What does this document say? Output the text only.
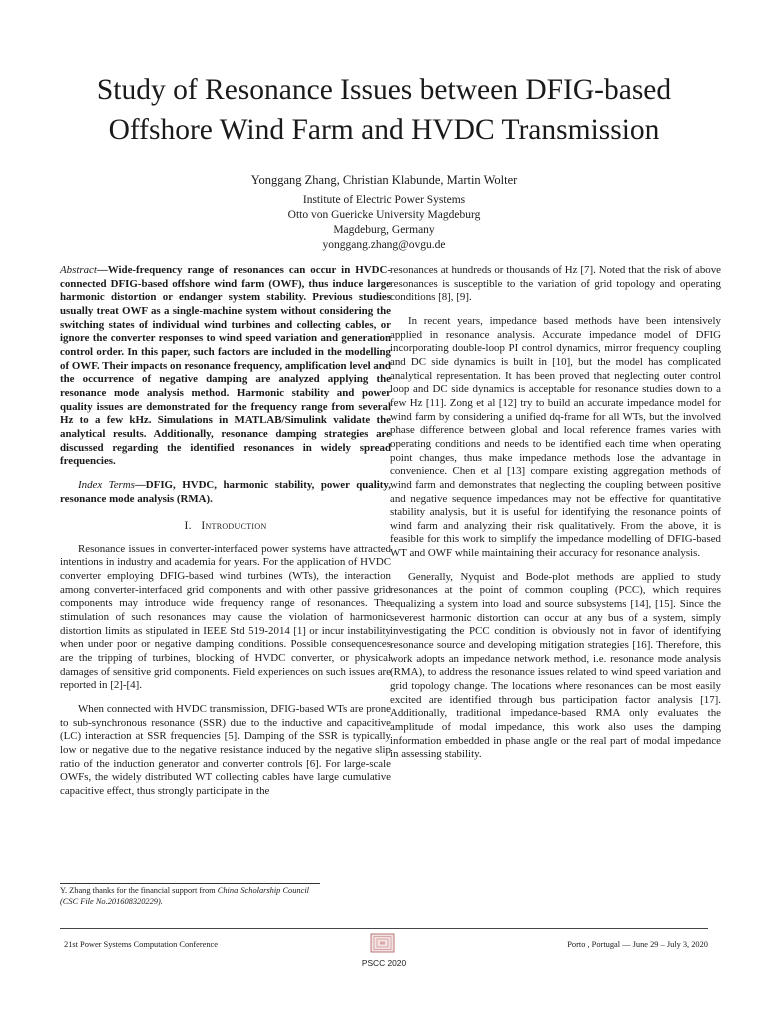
Study of Resonance Issues between DFIG-based
Offshore Wind Farm and HVDC Transmission
Yonggang Zhang, Christian Klabunde, Martin Wolter
Institute of Electric Power Systems
Otto von Guericke University Magdeburg
Magdeburg, Germany
yonggang.zhang@ovgu.de

Abstract—Wide-frequency range of resonances can occur in HVDC-connected DFIG-based offshore wind farm (OWF), thus induce large harmonic distortion or endanger system stability. Previous studies usually treat OWF as a single-machine system without considering the switching states of individual wind turbines and collecting cables, or ignore the converter responses to wind speed variation and generation control order. In this paper, such factors are included in the modelling of OWF. Their impacts on resonance frequency, amplification level and the occurrence of negative damping are analyzed applying the resonance mode analysis method. Harmonic stability and power quality issues are demonstrated for the frequency range from several Hz to a few kHz. Simulations in MATLAB/Simulink validate the analytical results. Additionally, resonance damping strategies are discussed regarding the identified resonances in widely spread frequencies.

Index Terms—DFIG, HVDC, harmonic stability, power quality, resonance mode analysis (RMA).

I. Introduction

Resonance issues in converter-interfaced power systems have attracted intentions in industry and academia for years. For the application of HVDC converter employing DFIG-based wind turbines (WTs), the interaction among converter-interfaced grid components and with other passive grid components may introduce wide frequency range of resonances. The stimulation of such resonances may cause the violation of harmonic distortion limits as stipulated in IEEE Std 519-2014 [1] or incur instability when under poor or negative damping conditions. Possible consequences are the tripping of turbines, blocking of HVDC converter, or physical damages of sensitive grid components. Field experiences on such issues are reported in [2]-[4].

When connected with HVDC transmission, DFIG-based WTs are prone to sub-synchronous resonance (SSR) due to the inductive and capacitive (LC) interaction at SSR frequencies [5]. Damping of the SSR is typically low or negative due to the negative resistance induced by the negative slip ratio of the induction generator and converter controls [6]. For large-scale OWFs, the widely distributed WT collecting cables have large cumulative capacitive effect, thus strongly participate in the

resonances at hundreds or thousands of Hz [7]. Noted that the risk of above resonances is susceptible to the variation of grid topology and operating conditions [8], [9].

In recent years, impedance based methods have been intensively applied in resonance analysis. Accurate impedance model of DFIG incorporating double-loop PI control dynamics, mirror frequency coupling and DC side dynamics is built in [10], but the model has complicated analytical representation. It has been proved that neglecting outer control loop and DC side dynamics is acceptable for resonance studies down to a few Hz [11]. Zong et al [12] try to build an accurate impedance model for wind farm by considering a unified dq-frame for all WTs, but the involved phase difference between global and local reference frames varies with operating conditions and needs to be identified each time when operating point changes, thus make impedance methods lose the advantage in convenience. Chen et al [13] compare existing aggregation methods of wind farm and demonstrates that neglecting the coupling between positive and negative sequence impedances may not be effective for quantitative stability analysis, but it is useful for identifying the resonance points of wind farm and analyzing their risk qualitatively. From the above, it is feasible for this work to simplify the impedance modelling of DFIG-based WT and OWF while maintaining their accuracy for resonance analysis.

Generally, Nyquist and Bode-plot methods are applied to study resonances at the point of common coupling (PCC), which requires equalizing a system into load and source subsystems [14], [15]. Since the severest harmonic distortion can occur at any bus of a system, simply investigating the PCC condition is obviously not in favor of identifying resonance source and developing mitigation strategies [16]. Therefore, this work adopts an impedance network method, i.e. resonance mode analysis (RMA), to address the resonance issues related to wind speed variation and grid topology change. The locations where resonances can be most easily excited are identified through bus participation factor analysis [17]. Additionally, traditional impedance-based RMA only evaluates the amplitude of modal impedance, this work also uses the damping information embedded in phase angle or the real part of modal impedance in assessing stability.

Y. Zhang thanks for the financial support from China Scholarship Council
(CSC File No.201608320229).
21st Power Systems Computation Conference
PSCC 2020
Porto , Portugal — June 29 – July 3, 2020
